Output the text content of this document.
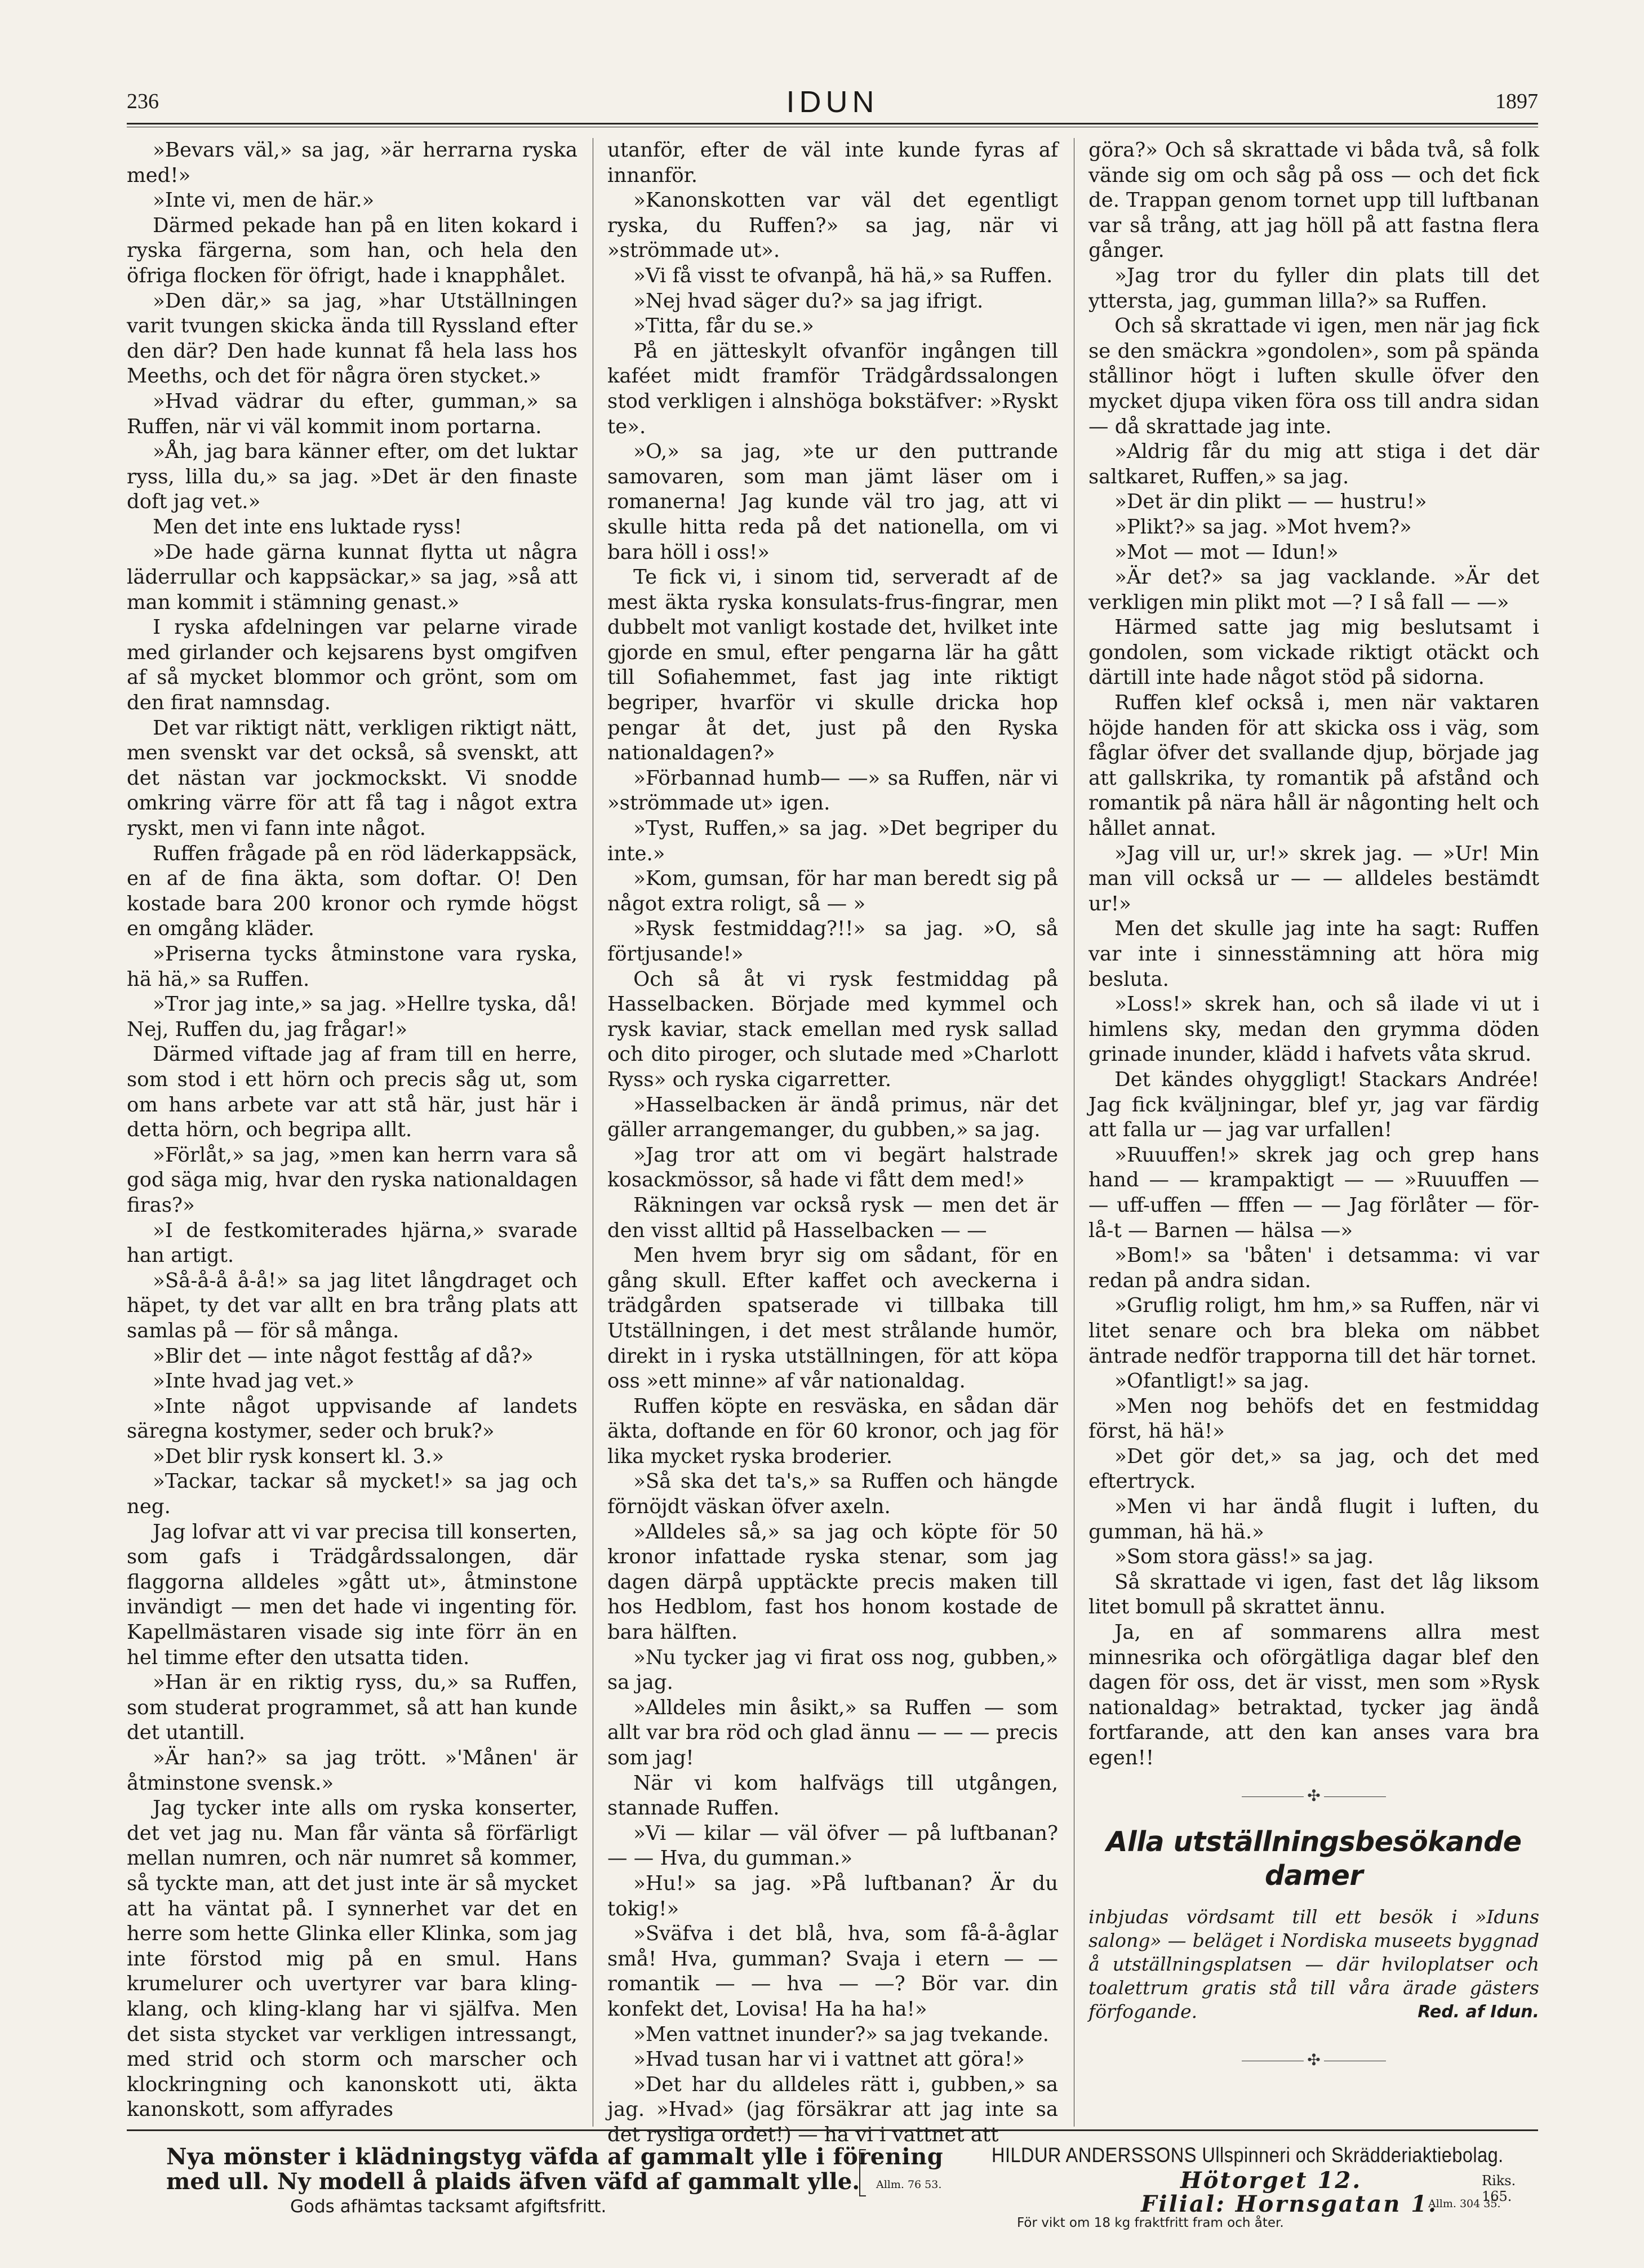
236	IDUN	1897

»Bevars väl,» sa jag, »är herrarna ryska med!»

»Inte vi, men de här.»

Därmed pekade han på en liten kokard i ryska färgerna, som han, och hela den öfriga flocken för öfrigt, hade i knapphålet.

»Den där,» sa jag, »har Utställningen varit tvungen skicka ända till Ryssland efter den där? Den hade kunnat få hela lass hos Meeths, och det för några ören stycket.»

»Hvad vädrar du efter, gumman,» sa Ruffen, när vi väl kommit inom portarna.

»Åh, jag bara känner efter, om det luktar ryss, lilla du,» sa jag. »Det är den finaste doft jag vet.»

Men det inte ens luktade ryss!

»De hade gärna kunnat flytta ut några läderrullar och kappsäckar,» sa jag, »så att man kommit i stämning genast.»

I ryska afdelningen var pelarne virade med girlander och kejsarens byst omgifven af så mycket blommor och grönt, som om den firat namnsdag.

Det var riktigt nätt, verkligen riktigt nätt, men svenskt var det också, så svenskt, att det nästan var jockmockskt. Vi snodde omkring värre för att få tag i något extra ryskt, men vi fann inte något.

Ruffen frågade på en röd läderkappsäck, en af de fina äkta, som doftar. O! Den kostade bara 200 kronor och rymde högst en omgång kläder.

»Priserna tycks åtminstone vara ryska, hä hä,» sa Ruffen.

»Tror jag inte,» sa jag. »Hellre tyska, då! Nej, Ruffen du, jag frågar!»

Därmed viftade jag af fram till en herre, som stod i ett hörn och precis såg ut, som om hans arbete var att stå här, just här i detta hörn, och begripa allt.

»Förlåt,» sa jag, »men kan herrn vara så god säga mig, hvar den ryska nationaldagen firas?»

»I de festkomiterades hjärna,» svarade han artigt.

»Så-å-å å-å!» sa jag litet långdraget och häpet, ty det var allt en bra trång plats att samlas på — för så många.

»Blir det — inte något festtåg af då?»

»Inte hvad jag vet.»

»Inte något uppvisande af landets säregna kostymer, seder och bruk?»

»Det blir rysk konsert kl. 3.»

»Tackar, tackar så mycket!» sa jag och neg.

Jag lofvar att vi var precisa till konserten, som gafs i Trädgårdssalongen, där flaggorna alldeles »gått ut», åtminstone invändigt — men det hade vi ingenting för. Kapellmästaren visade sig inte förr än en hel timme efter den utsatta tiden.

»Han är en riktig ryss, du,» sa Ruffen, som studerat programmet, så att han kunde det utantill.

»Är han?» sa jag trött. »'Månen' är åtminstone svensk.»

Jag tycker inte alls om ryska konserter, det vet jag nu. Man får vänta så förfärligt mellan numren, och när numret så kommer, så tyckte man, att det just inte är så mycket att ha väntat på. I synnerhet var det en herre som hette Glinka eller Klinka, som jag inte förstod mig på en smul. Hans krumelurer och uvertyrer var bara kling-klang, och kling-klang har vi själfva. Men det sista stycket var verkligen intressangt, med strid och storm och marscher och klockringning och kanonskott uti, äkta kanonskott, som affyrades

utanför, efter de väl inte kunde fyras af innanför.

»Kanonskotten var väl det egentligt ryska, du Ruffen?» sa jag, när vi »strömmade ut».

»Vi få visst te ofvanpå, hä hä,» sa Ruffen.

»Nej hvad säger du?» sa jag ifrigt.

»Titta, får du se.»

På en jätteskylt ofvanför ingången till kaféet midt framför Trädgårdssalongen stod verkligen i alnshöga bokstäfver: »Ryskt te».

»O,» sa jag, »te ur den puttrande samovaren, som man jämt läser om i romanerna! Jag kunde väl tro jag, att vi skulle hitta reda på det nationella, om vi bara höll i oss!»

Te fick vi, i sinom tid, serveradt af de mest äkta ryska konsulats-frus-fingrar, men dubbelt mot vanligt kostade det, hvilket inte gjorde en smul, efter pengarna lär ha gått till Sofiahemmet, fast jag inte riktigt begriper, hvarför vi skulle dricka hop pengar åt det, just på den Ryska nationaldagen?»

»Förbannad humb— —» sa Ruffen, när vi »strömmade ut» igen.

»Tyst, Ruffen,» sa jag. »Det begriper du inte.»

»Kom, gumsan, för har man beredt sig på något extra roligt, så — »

»Rysk festmiddag?!!» sa jag. »O, så förtjusande!»

Och så åt vi rysk festmiddag på Hasselbacken. Började med kymmel och rysk kaviar, stack emellan med rysk sallad och dito piroger, och slutade med »Charlott Ryss» och ryska cigarretter.

»Hasselbacken är ändå primus, när det gäller arrangemanger, du gubben,» sa jag.

»Jag tror att om vi begärt halstrade kosackmössor, så hade vi fått dem med!»

Räkningen var också rysk — men det är den visst alltid på Hasselbacken — —

Men hvem bryr sig om sådant, för en gång skull. Efter kaffet och aveckerna i trädgården spatserade vi tillbaka till Utställningen, i det mest strålande humör, direkt in i ryska utställningen, för att köpa oss »ett minne» af vår nationaldag.

Ruffen köpte en resväska, en sådan där äkta, doftande en för 60 kronor, och jag för lika mycket ryska broderier.

»Så ska det ta's,» sa Ruffen och hängde förnöjdt väskan öfver axeln.

»Alldeles så,» sa jag och köpte för 50 kronor infattade ryska stenar, som jag dagen därpå upptäckte precis maken till hos Hedblom, fast hos honom kostade de bara hälften.

»Nu tycker jag vi firat oss nog, gubben,» sa jag.

»Alldeles min åsikt,» sa Ruffen — som allt var bra röd och glad ännu — — — precis som jag!

När vi kom halfvägs till utgången, stannade Ruffen.

»Vi — kilar — väl öfver — på luftbanan? — — Hva, du gumman.»

»Hu!» sa jag. »På luftbanan? Är du tokig!»

»Sväfva i det blå, hva, som få-å-åglar små! Hva, gumman? Svaja i etern — — romantik — — hva — —? Bör var. din konfekt det, Lovisa! Ha ha ha!»

»Men vattnet inunder?» sa jag tvekande.

»Hvad tusan har vi i vattnet att göra!»

»Det har du alldeles rätt i, gubben,» sa jag. »Hvad» (jag försäkrar att jag inte sa det rysliga ordet!) — ha vi i vattnet att

göra?» Och så skrattade vi båda två, så folk vände sig om och såg på oss — och det fick de. Trappan genom tornet upp till luftbanan var så trång, att jag höll på att fastna flera gånger.

»Jag tror du fyller din plats till det yttersta, jag, gumman lilla?» sa Ruffen.

Och så skrattade vi igen, men när jag fick se den smäckra »gondolen», som på spända stållinor högt i luften skulle öfver den mycket djupa viken föra oss till andra sidan — då skrattade jag inte.

»Aldrig får du mig att stiga i det där saltkaret, Ruffen,» sa jag.

»Det är din plikt — — hustru!»

»Plikt?» sa jag. »Mot hvem?»

»Mot — mot — Idun!»

»Är det?» sa jag vacklande. »Är det verkligen min plikt mot —? I så fall — —»

Härmed satte jag mig beslutsamt i gondolen, som vickade riktigt otäckt och därtill inte hade något stöd på sidorna.

Ruffen klef också i, men när vaktaren höjde handen för att skicka oss i väg, som fåglar öfver det svallande djup, började jag att gallskrika, ty romantik på afstånd och romantik på nära håll är någonting helt och hållet annat.

»Jag vill ur, ur!» skrek jag. — »Ur! Min man vill också ur — — alldeles bestämdt ur!»

Men det skulle jag inte ha sagt: Ruffen var inte i sinnesstämning att höra mig besluta.

»Loss!» skrek han, och så ilade vi ut i himlens sky, medan den grymma döden grinade inunder, klädd i hafvets våta skrud.

Det kändes ohyggligt! Stackars Andrée! Jag fick kväljningar, blef yr, jag var färdig att falla ur — jag var urfallen!

»Ruuuffen!» skrek jag och grep hans hand — — krampaktigt — — »Ruuuffen — — uff-uffen — fffen — — Jag förlåter — för-lå-t — Barnen — hälsa —»

»Bom!» sa 'båten' i detsamma: vi var redan på andra sidan.

»Gruflig roligt, hm hm,» sa Ruffen, när vi litet senare och bra bleka om näbbet äntrade nedför trapporna till det här tornet.

»Ofantligt!» sa jag.

»Men nog behöfs det en festmiddag först, hä hä!»

»Det gör det,» sa jag, och det med eftertryck.

»Men vi har ändå flugit i luften, du gumman, hä hä.»

»Som stora gäss!» sa jag.

Så skrattade vi igen, fast det låg liksom litet bomull på skrattet ännu.

Ja, en af sommarens allra mest minnesrika och oförgätliga dagar blef den dagen för oss, det är visst, men som »Rysk nationaldag» betraktad, tycker jag ändå fortfarande, att den kan anses vara bra egen!!

✣
Alla utställningsbesökande damer
inbjudas vördsamt till ett besök i »Iduns salong» — beläget i Nordiska museets byggnad å utställningsplatsen — där hviloplatser och toalettrum gratis stå till våra ärade gästers förfogande.	Red. af Idun.
✣
Nya mönster i klädningstyg väfda af gammalt ylle i förening
med ull. Ny modell å plaids äfven väfd af gammalt ylle.
Gods afhämtas tacksamt afgiftsfritt.
Allm. 76 53.
HILDUR ANDERSSONS Ullspinneri och Skrädderiaktiebolag.
Hötorget 12.
Filial: Hornsgatan 1.
Riks. 165.
Allm. 304 35.
För vikt om 18 kg fraktfritt fram och åter.
